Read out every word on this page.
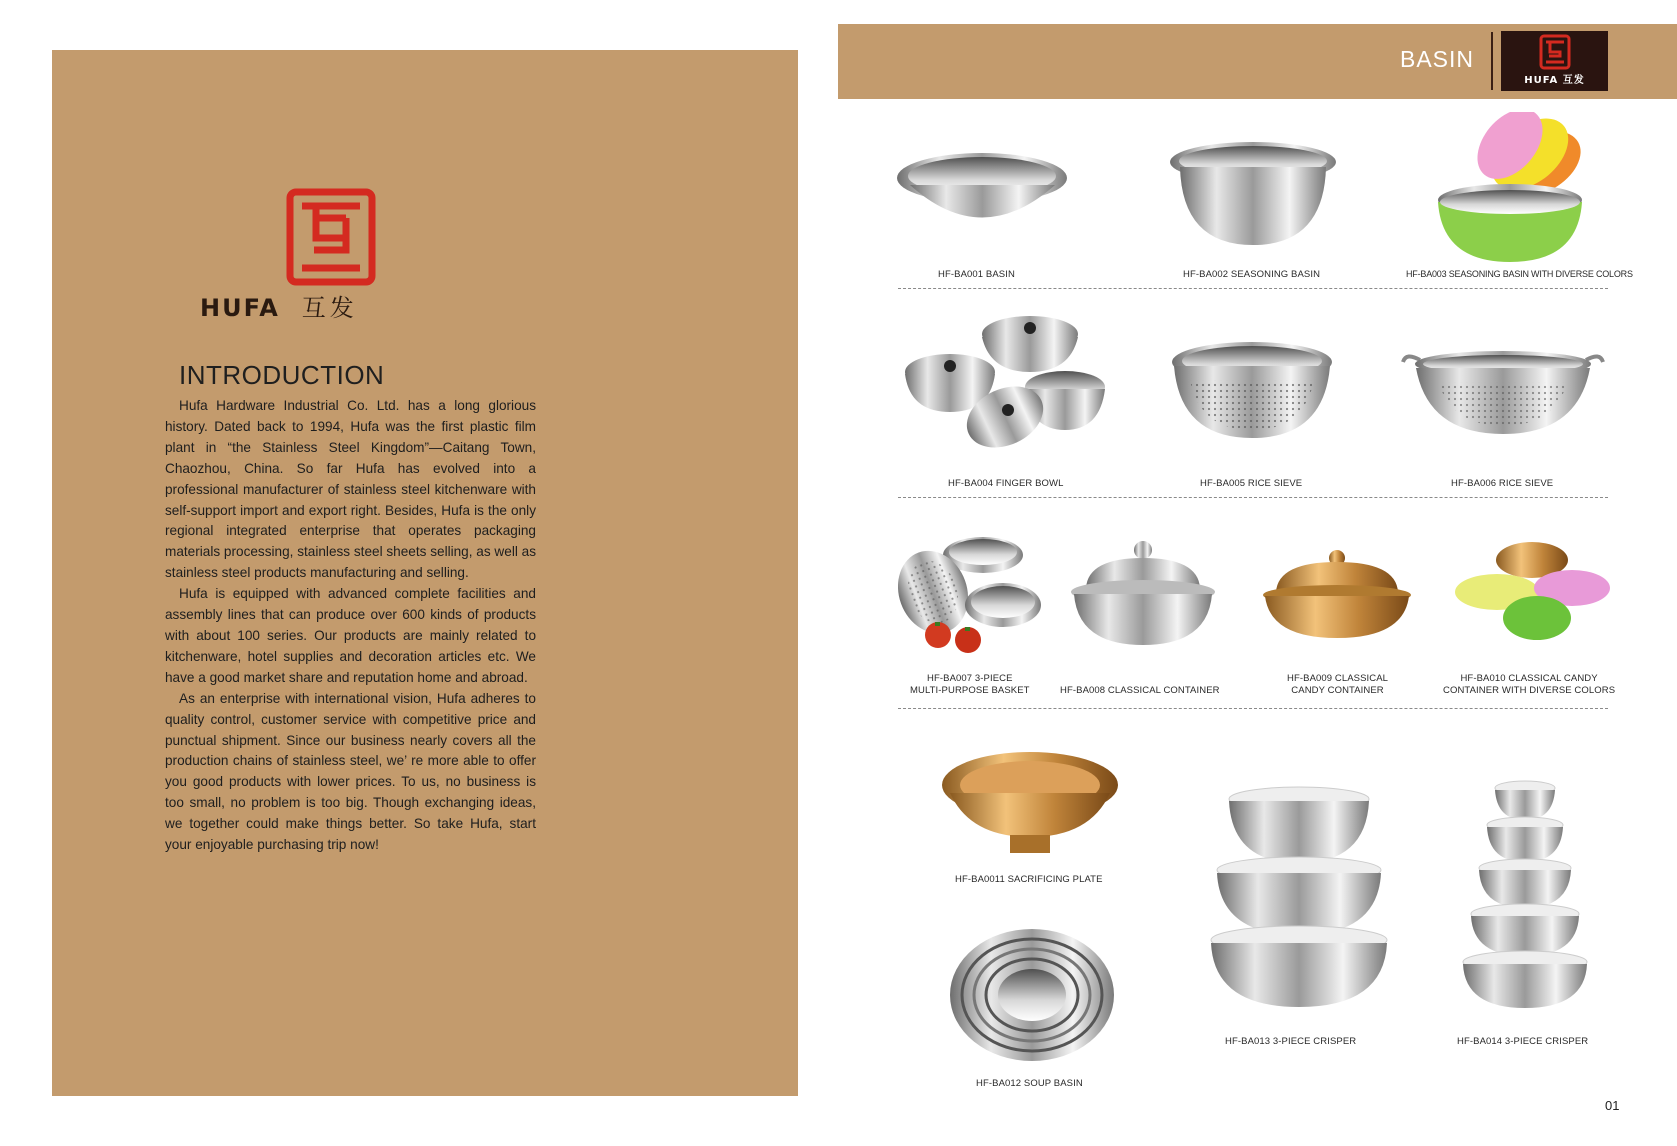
HUFA 互发
INTRODUCTION

Hufa Hardware Industrial Co. Ltd. has a long glorious history. Dated back to 1994, Hufa was the first plastic film plant in “the Stainless Steel Kingdom”—Caitang Town, Chaozhou, China. So far Hufa has evolved into a professional manufacturer of stainless steel kitchenware with self-support import and export right. Besides, Hufa is the only regional integrated enterprise that operates packaging materials processing, stainless steel sheets selling, as well as stainless steel products manufacturing and selling.

Hufa is equipped with advanced complete facilities and assembly lines that can produce over 600 kinds of products with about 100 series. Our products are mainly related to kitchenware, hotel supplies and decoration articles etc. We have a good market share and reputation home and abroad.

As an enterprise with international vision, Hufa adheres to quality control, customer service with competitive price and punctual shipment. Since our business nearly covers all the production chains of stainless steel, we’ re more able to offer you good products with lower prices. To us, no business is too small, no problem is too big. Though exchanging ideas, we together could make things better. So take Hufa, start your enjoyable purchasing trip now!

BASIN
HUFA 互发
HF-BA001 BASIN	HF-BA002 SEASONING BASIN	HF-BA003 SEASONING BASIN WITH DIVERSE COLORS
HF-BA004 FINGER BOWL	HF-BA005 RICE SIEVE	HF-BA006 RICE SIEVE
HF-BA007 3-PIECE
MULTI-PURPOSE BASKET	HF-BA008 CLASSICAL CONTAINER
HF-BA009 CLASSICAL
CANDY CONTAINER
HF-BA010 CLASSICAL CANDY
CONTAINER WITH DIVERSE COLORS
HF-BA0011 SACRIFICING PLATE
HF-BA012 SOUP BASIN
HF-BA013 3-PIECE CRISPER	HF-BA014 3-PIECE CRISPER
01
